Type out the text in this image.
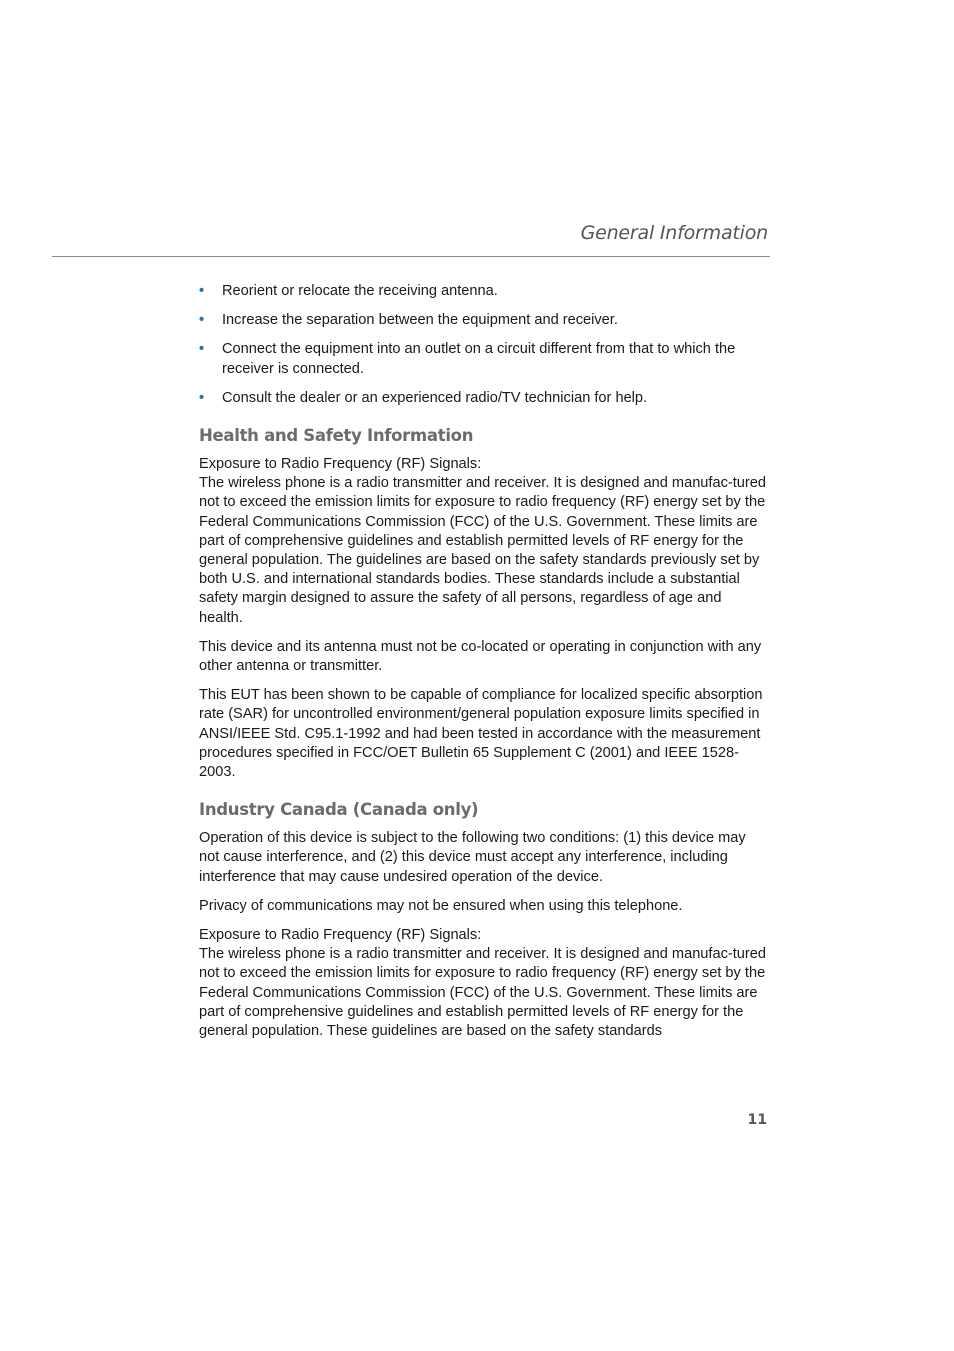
General Information
• Reorient or relocate the receiving antenna.
• Increase the separation between the equipment and receiver.
• Connect the equipment into an outlet on a circuit different from that to which the receiver is connected.
• Consult the dealer or an experienced radio/TV technician for help.
Health and Safety Information

Exposure to Radio Frequency (RF) Signals:
The wireless phone is a radio transmitter and receiver. It is designed and manufac-tured not to exceed the emission limits for exposure to radio frequency (RF) energy set by the Federal Communications Commission (FCC) of the U.S. Government. These limits are part of comprehensive guidelines and establish permitted levels of RF energy for the general population. The guidelines are based on the safety standards previously set by both U.S. and international standards bodies. These standards include a substantial safety margin designed to assure the safety of all persons, regardless of age and health.

This device and its antenna must not be co-located or operating in conjunction with any other antenna or transmitter.

This EUT has been shown to be capable of compliance for localized specific absorption rate (SAR) for uncontrolled environment/general population exposure limits specified in ANSI/IEEE Std. C95.1-1992 and had been tested in accordance with the measurement procedures specified in FCC/OET Bulletin 65 Supplement C (2001) and IEEE 1528-2003.

Industry Canada (Canada only)

Operation of this device is subject to the following two conditions: (1) this device may not cause interference, and (2) this device must accept any interference, including interference that may cause undesired operation of the device.

Privacy of communications may not be ensured when using this telephone.

Exposure to Radio Frequency (RF) Signals:
The wireless phone is a radio transmitter and receiver. It is designed and manufac-tured not to exceed the emission limits for exposure to radio frequency (RF) energy set by the Federal Communications Commission (FCC) of the U.S. Government. These limits are part of comprehensive guidelines and establish permitted levels of RF energy for the general population. These guidelines are based on the safety standards

11
